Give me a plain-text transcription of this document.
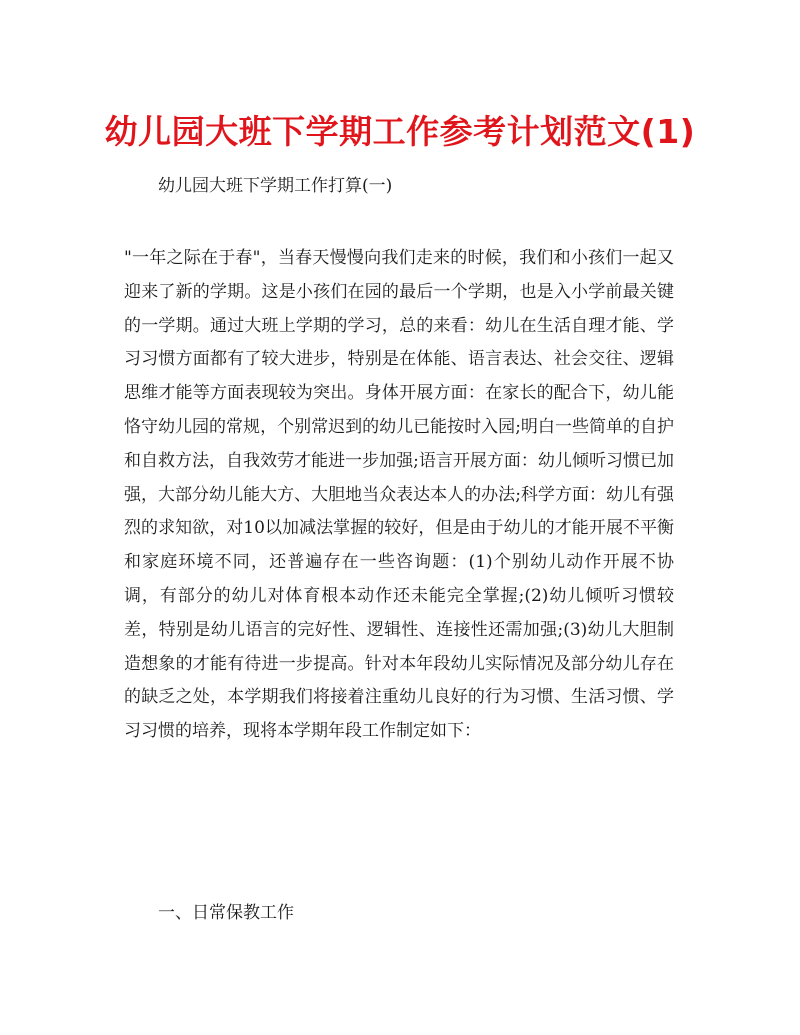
幼儿园大班下学期工作参考计划范文(1)

幼儿园大班下学期工作打算(一)

"一年之际在于春"，当春天慢慢向我们走来的时候，我们和小孩们一起又迎来了新的学期。这是小孩们在园的最后一个学期，也是入小学前最关键的一学期。通过大班上学期的学习，总的来看：幼儿在生活自理才能、学习习惯方面都有了较大进步，特别是在体能、语言表达、社会交往、逻辑思维才能等方面表现较为突出。身体开展方面：在家长的配合下，幼儿能恪守幼儿园的常规，个别常迟到的幼儿已能按时入园;明白一些简单的自护和自救方法，自我效劳才能进一步加强;语言开展方面：幼儿倾听习惯已加强，大部分幼儿能大方、大胆地当众表达本人的办法;科学方面：幼儿有强烈的求知欲，对10以加减法掌握的较好，但是由于幼儿的才能开展不平衡和家庭环境不同，还普遍存在一些咨询题：(1)个别幼儿动作开展不协调，有部分的幼儿对体育根本动作还未能完全掌握;(2)幼儿倾听习惯较差，特别是幼儿语言的完好性、逻辑性、连接性还需加强;(3)幼儿大胆制造想象的才能有待进一步提高。针对本年段幼儿实际情况及部分幼儿存在的缺乏之处，本学期我们将接着注重幼儿良好的行为习惯、生活习惯、学习习惯的培养，现将本学期年段工作制定如下：

一、日常保教工作
